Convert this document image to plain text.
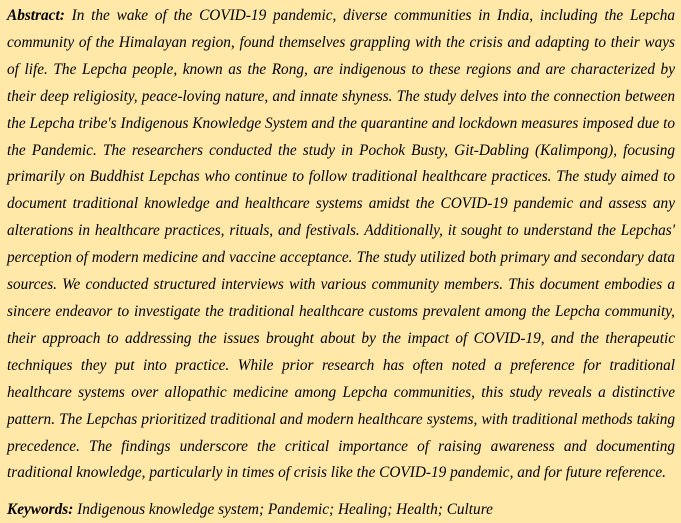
Abstract: In the wake of the COVID-19 pandemic, diverse communities in India, including the Lepcha community of the Himalayan region, found themselves grappling with the crisis and adapting to their ways of life. The Lepcha people, known as the Rong, are indigenous to these regions and are characterized by their deep religiosity, peace-loving nature, and innate shyness. The study delves into the connection between the Lepcha tribe's Indigenous Knowledge System and the quarantine and lockdown measures imposed due to the Pandemic. The researchers conducted the study in Pochok Busty, Git-Dabling (Kalimpong), focusing primarily on Buddhist Lepchas who continue to follow traditional healthcare practices. The study aimed to document traditional knowledge and healthcare systems amidst the COVID-19 pandemic and assess any alterations in healthcare practices, rituals, and festivals. Additionally, it sought to understand the Lepchas' perception of modern medicine and vaccine acceptance. The study utilized both primary and secondary data sources. We conducted structured interviews with various community members. This document embodies a sincere endeavor to investigate the traditional healthcare customs prevalent among the Lepcha community, their approach to addressing the issues brought about by the impact of COVID-19, and the therapeutic techniques they put into practice. While prior research has often noted a preference for traditional healthcare systems over allopathic medicine among Lepcha communities, this study reveals a distinctive pattern. The Lepchas prioritized traditional and modern healthcare systems, with traditional methods taking precedence. The findings underscore the critical importance of raising awareness and documenting traditional knowledge, particularly in times of crisis like the COVID-19 pandemic, and for future reference.

Keywords: Indigenous knowledge system; Pandemic; Healing; Health; Culture
